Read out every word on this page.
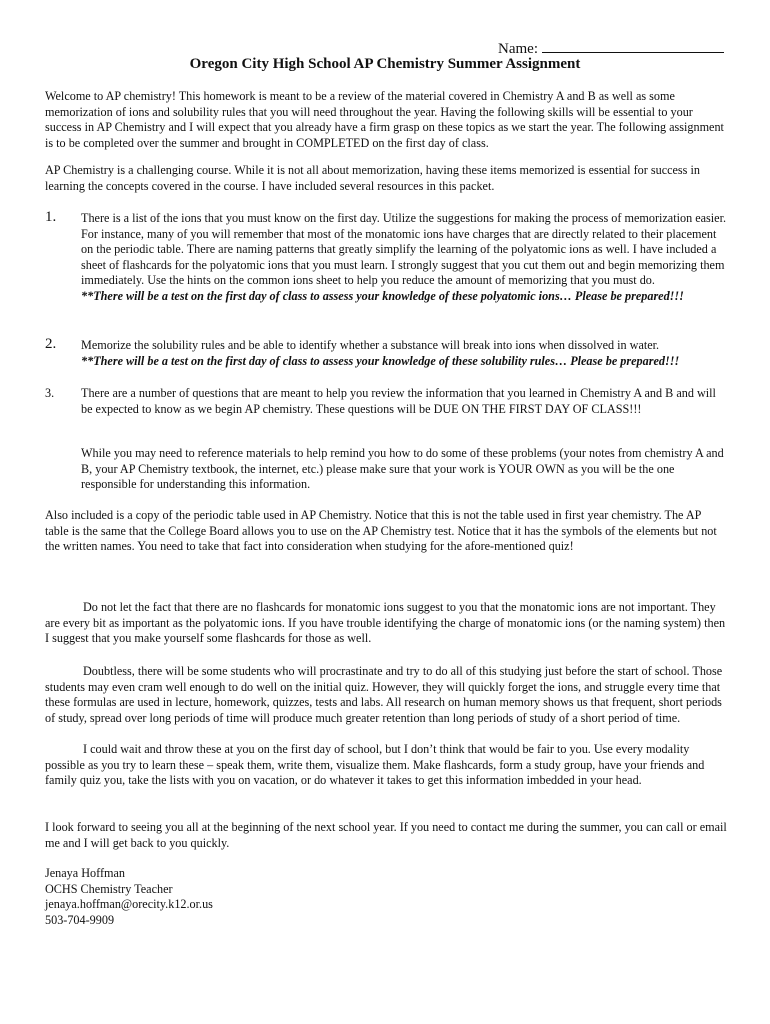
Name:
Oregon City High School AP Chemistry Summer Assignment

Welcome to AP chemistry! This homework is meant to be a review of the material covered in Chemistry A and B as well as some memorization of ions and solubility rules that you will need throughout the year. Having the following skills will be essential to your success in AP Chemistry and I will expect that you already have a firm grasp on these topics as we start the year. The following assignment is to be completed over the summer and brought in COMPLETED on the first day of class.

AP Chemistry is a challenging course. While it is not all about memorization, having these items memorized is essential for success in learning the concepts covered in the course. I have included several resources in this packet.

1. There is a list of the ions that you must know on the first day. Utilize the suggestions for making the process of memorization easier. For instance, many of you will remember that most of the monatomic ions have charges that are directly related to their placement on the periodic table. There are naming patterns that greatly simplify the learning of the polyatomic ions as well. I have included a sheet of flashcards for the polyatomic ions that you must learn. I strongly suggest that you cut them out and begin memorizing them immediately. Use the hints on the common ions sheet to help you reduce the amount of memorizing that you must do.
**There will be a test on the first day of class to assess your knowledge of these polyatomic ions… Please be prepared!!!
2. Memorize the solubility rules and be able to identify whether a substance will break into ions when dissolved in water.
**There will be a test on the first day of class to assess your knowledge of these solubility rules… Please be prepared!!!
3. There are a number of questions that are meant to help you review the information that you learned in Chemistry A and B and will be expected to know as we begin AP chemistry. These questions will be DUE ON THE FIRST DAY OF CLASS!!!

While you may need to reference materials to help remind you how to do some of these problems (your notes from chemistry A and B, your AP Chemistry textbook, the internet, etc.) please make sure that your work is YOUR OWN as you will be the one responsible for understanding this information.

Also included is a copy of the periodic table used in AP Chemistry. Notice that this is not the table used in first year chemistry. The AP table is the same that the College Board allows you to use on the AP Chemistry test. Notice that it has the symbols of the elements but not the written names. You need to take that fact into consideration when studying for the afore-mentioned quiz!

Do not let the fact that there are no flashcards for monatomic ions suggest to you that the monatomic ions are not important. They are every bit as important as the polyatomic ions. If you have trouble identifying the charge of monatomic ions (or the naming system) then I suggest that you make yourself some flashcards for those as well.

Doubtless, there will be some students who will procrastinate and try to do all of this studying just before the start of school. Those students may even cram well enough to do well on the initial quiz. However, they will quickly forget the ions, and struggle every time that these formulas are used in lecture, homework, quizzes, tests and labs. All research on human memory shows us that frequent, short periods of study, spread over long periods of time will produce much greater retention than long periods of study of a short period of time.

I could wait and throw these at you on the first day of school, but I don’t think that would be fair to you. Use every modality possible as you try to learn these – speak them, write them, visualize them. Make flashcards, form a study group, have your friends and family quiz you, take the lists with you on vacation, or do whatever it takes to get this information imbedded in your head.

I look forward to seeing you all at the beginning of the next school year. If you need to contact me during the summer, you can call or email me and I will get back to you quickly.

Jenaya Hoffman
OCHS Chemistry Teacher
jenaya.hoffman@orecity.k12.or.us
503-704-9909
